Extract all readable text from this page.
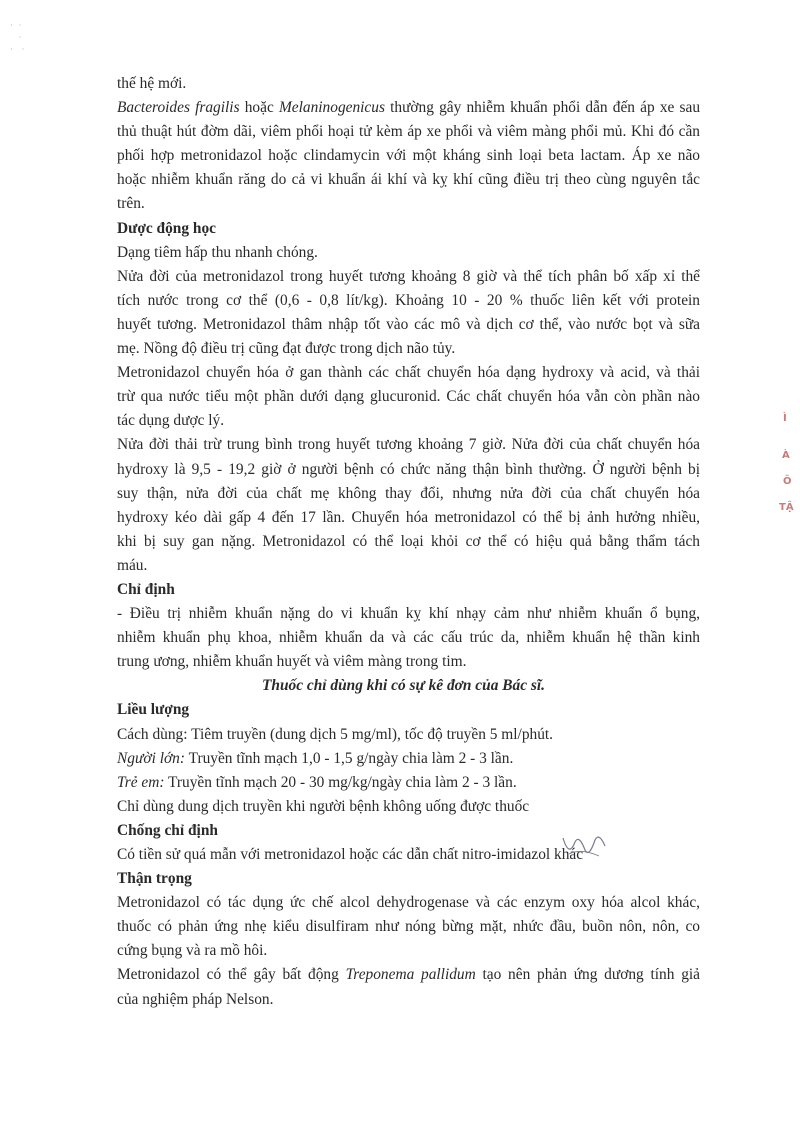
·  ·
·
·   ·
thế hệ mới.
Bacteroides fragilis hoặc Melaninogenicus thường gây nhiễm khuẩn phổi dẫn đến áp xe sau
thủ thuật hút đờm dãi, viêm phổi hoại tử kèm áp xe phổi và viêm màng phổi mủ. Khi đó cần
phối hợp metronidazol hoặc clindamycin với một kháng sinh loại beta lactam. Áp xe não
hoặc nhiễm khuẩn răng do cả vi khuẩn ái khí và kỵ khí cũng điều trị theo cùng nguyên tắc
trên.
Dược động học
Dạng tiêm hấp thu nhanh chóng.
Nửa đời của metronidazol trong huyết tương khoảng 8 giờ và thể tích phân bố xấp xỉ thể
tích nước trong cơ thể (0,6 - 0,8 lít/kg). Khoảng 10 - 20 % thuốc liên kết với protein
huyết tương. Metronidazol thâm nhập tốt vào các mô và dịch cơ thể, vào nước bọt và sữa
mẹ. Nồng độ điều trị cũng đạt được trong dịch não tủy.
Metronidazol chuyển hóa ở gan thành các chất chuyển hóa dạng hydroxy và acid, và thải
trừ qua nước tiểu một phần dưới dạng glucuronid. Các chất chuyển hóa vẫn còn phần nào
tác dụng dược lý.
Nửa đời thải trừ trung bình trong huyết tương khoảng 7 giờ. Nửa đời của chất chuyển hóa
hydroxy là 9,5 - 19,2 giờ ở người bệnh có chức năng thận bình thường. Ở người bệnh bị
suy thận, nửa đời của chất mẹ không thay đổi, nhưng nửa đời của chất chuyển hóa
hydroxy kéo dài gấp 4 đến 17 lần. Chuyển hóa metronidazol có thể bị ảnh hưởng nhiều,
khi bị suy gan nặng. Metronidazol có thể loại khỏi cơ thể có hiệu quả bằng thẩm tách
máu.
Chỉ định
- Điều trị nhiễm khuẩn nặng do vi khuẩn kỵ khí nhạy cảm như nhiễm khuẩn ổ bụng,
nhiễm khuẩn phụ khoa, nhiễm khuẩn da và các cấu trúc da, nhiễm khuẩn hệ thần kinh
trung ương, nhiễm khuẩn huyết và viêm màng trong tim.
Thuốc chỉ dùng khi có sự kê đơn của Bác sĩ.
Liều lượng
Cách dùng: Tiêm truyền (dung dịch 5 mg/ml), tốc độ truyền 5 ml/phút.
Người lớn: Truyền tĩnh mạch 1,0 - 1,5 g/ngày chia làm 2 - 3 lần.
Trẻ em: Truyền tĩnh mạch 20 - 30 mg/kg/ngày chia làm 2 - 3 lần.
Chỉ dùng dung dịch truyền khi người bệnh không uống được thuốc
Chống chỉ định
Có tiền sử quá mẫn với metronidazol hoặc các dẫn chất nitro-imidazol khác
Thận trọng
Metronidazol có tác dụng ức chế alcol dehydrogenase và các enzym oxy hóa alcol khác,
thuốc có phản ứng nhẹ kiểu disulfiram như nóng bừng mặt, nhức đầu, buồn nôn, nôn, co
cứng bụng và ra mồ hôi.
Metronidazol có thể gây bất động Treponema pallidum tạo nên phản ứng dương tính giả
của nghiệm pháp Nelson.
Ì
À
Ô
TẬ
